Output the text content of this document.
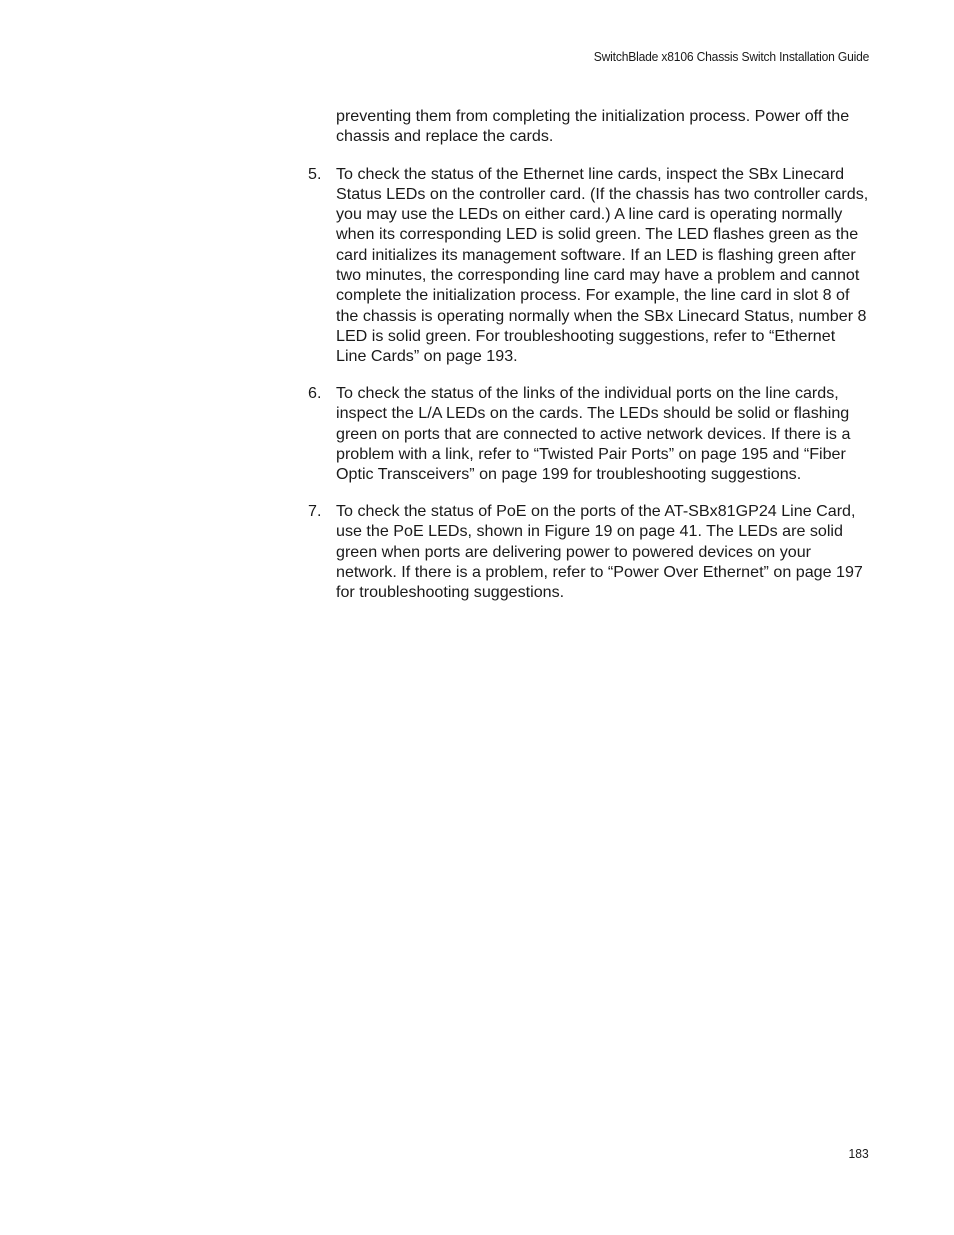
SwitchBlade x8106 Chassis Switch Installation Guide

preventing them from completing the initialization process. Power off the chassis and replace the cards.

5. To check the status of the Ethernet line cards, inspect the SBx Linecard Status LEDs on the controller card. (If the chassis has two controller cards, you may use the LEDs on either card.) A line card is operating normally when its corresponding LED is solid green. The LED flashes green as the card initializes its management software. If an LED is flashing green after two minutes, the corresponding line card may have a problem and cannot complete the initialization process. For example, the line card in slot 8 of the chassis is operating normally when the SBx Linecard Status, number 8 LED is solid green. For troubleshooting suggestions, refer to “Ethernet Line Cards” on page 193.
6. To check the status of the links of the individual ports on the line cards, inspect the L/A LEDs on the cards. The LEDs should be solid or flashing green on ports that are connected to active network devices. If there is a problem with a link, refer to “Twisted Pair Ports” on page 195 and “Fiber Optic Transceivers” on page 199 for troubleshooting suggestions.
7. To check the status of PoE on the ports of the AT-SBx81GP24 Line Card, use the PoE LEDs, shown in Figure 19 on page 41. The LEDs are solid green when ports are delivering power to powered devices on your network. If there is a problem, refer to “Power Over Ethernet” on page 197 for troubleshooting suggestions.
183
